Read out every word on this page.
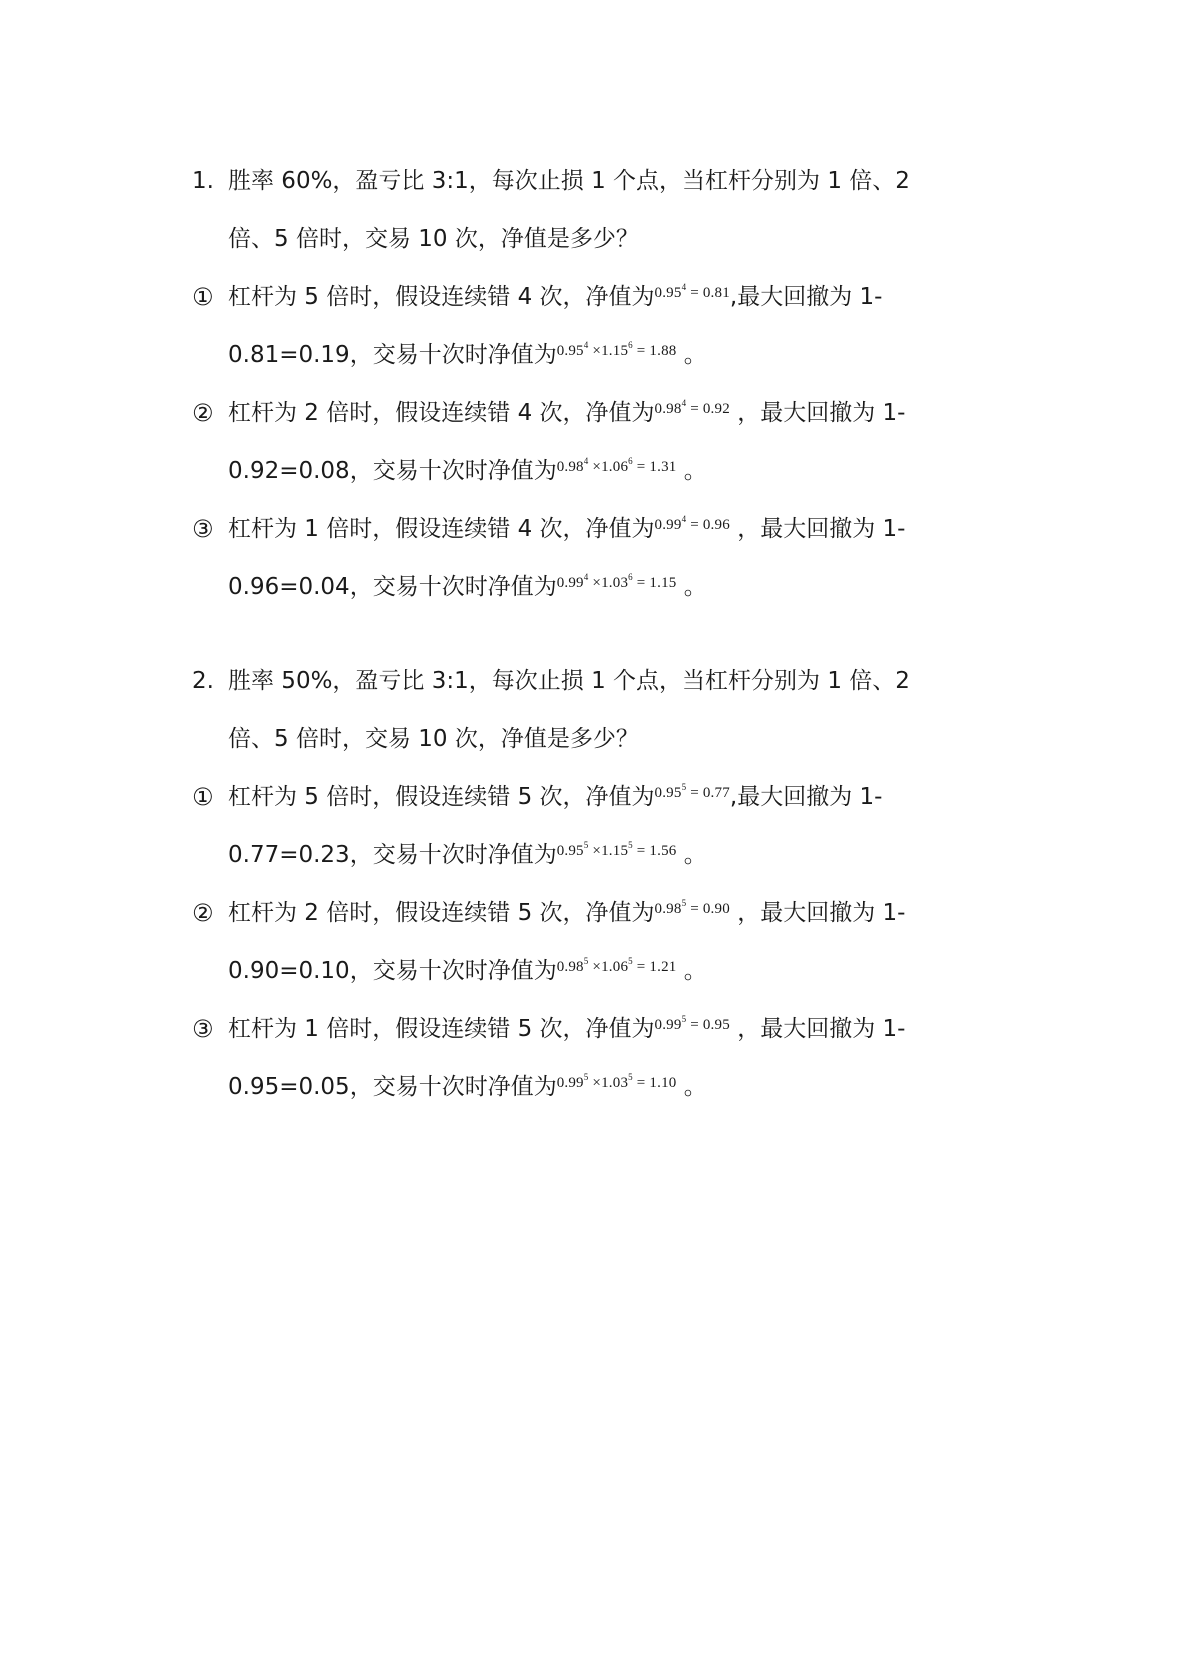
1. 胜率 60%，盈亏比 3:1，每次止损 1 个点，当杠杆分别为 1 倍、2
倍、5 倍时，交易 10 次，净值是多少？
① 杠杆为 5 倍时，假设连续错 4 次，净值为$^{0.95^4 = 0.81}$,最大回撤为 1-
0.81=0.19，交易十次时净值为$^{0.95^4 \times 1.15^6 = 1.88}$ 。
② 杠杆为 2 倍时，假设连续错 4 次，净值为$^{0.98^4 = 0.92}$ ，最大回撤为 1-
0.92=0.08，交易十次时净值为$^{0.98^4 \times 1.06^6 = 1.31}$ 。
③ 杠杆为 1 倍时，假设连续错 4 次，净值为$^{0.99^4 = 0.96}$ ，最大回撤为 1-
0.96=0.04，交易十次时净值为$^{0.99^4 \times 1.03^6 = 1.15}$ 。
2. 胜率 50%，盈亏比 3:1，每次止损 1 个点，当杠杆分别为 1 倍、2
倍、5 倍时，交易 10 次，净值是多少？
① 杠杆为 5 倍时，假设连续错 5 次，净值为$^{0.95^5 = 0.77}$,最大回撤为 1-
0.77=0.23，交易十次时净值为$^{0.95^5 \times 1.15^5 = 1.56}$ 。
② 杠杆为 2 倍时，假设连续错 5 次，净值为$^{0.98^5 = 0.90}$ ，最大回撤为 1-
0.90=0.10，交易十次时净值为$^{0.98^5 \times 1.06^5 = 1.21}$ 。
③ 杠杆为 1 倍时，假设连续错 5 次，净值为$^{0.99^5 = 0.95}$ ，最大回撤为 1-
0.95=0.05，交易十次时净值为$^{0.99^5 \times 1.03^5 = 1.10}$ 。
